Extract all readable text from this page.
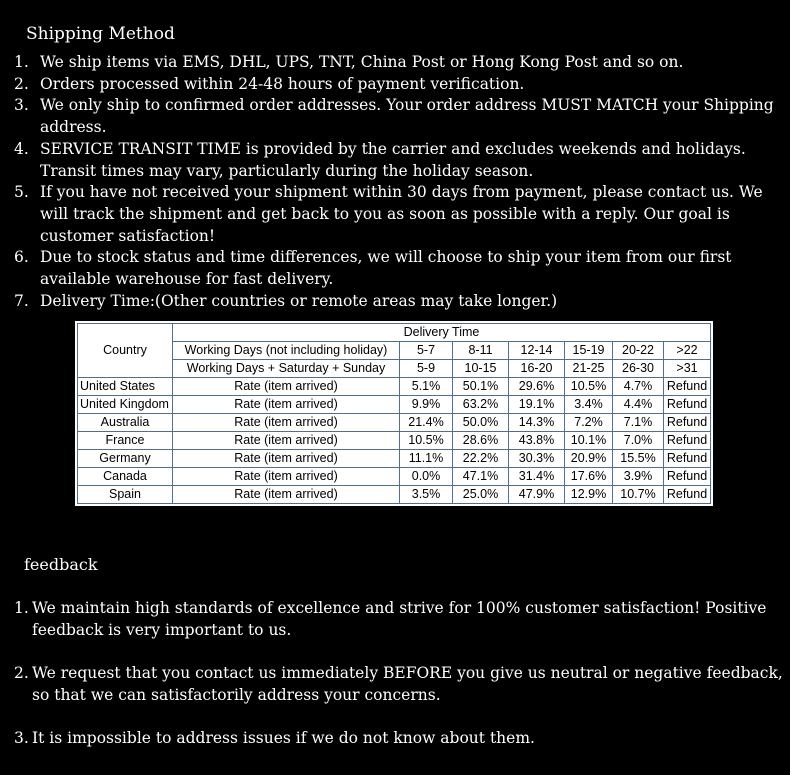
Shipping Method
1. We ship items via EMS, DHL, UPS, TNT, China Post or Hong Kong Post and so on.
2. Orders processed within 24-48 hours of payment verification.
3. We only ship to confirmed order addresses. Your order address MUST MATCH your Shipping address.
4. SERVICE TRANSIT TIME is provided by the carrier and excludes weekends and holidays. Transit times may vary, particularly during the holiday season.
5. If you have not received your shipment within 30 days from payment, please contact us. We will track the shipment and get back to you as soon as possible with a reply. Our goal is customer satisfaction!
6. Due to stock status and time differences, we will choose to ship your item from our first available warehouse for fast delivery.
7. Delivery Time:(Other countries or remote areas may take longer.)
Country	Delivery Time						
	Working Days (not including holiday)	5-7	8-11	12-14	15-19	20-22	>22
	Working Days + Saturday + Sunday	5-9	10-15	16-20	21-25	26-30	>31
United States	Rate (item arrived)	5.1%	50.1%	29.6%	10.5%	4.7%	Refund
United Kingdom	Rate (item arrived)	9.9%	63.2%	19.1%	3.4%	4.4%	Refund
Australia	Rate (item arrived)	21.4%	50.0%	14.3%	7.2%	7.1%	Refund
France	Rate (item arrived)	10.5%	28.6%	43.8%	10.1%	7.0%	Refund
Germany	Rate (item arrived)	11.1%	22.2%	30.3%	20.9%	15.5%	Refund
Canada	Rate (item arrived)	0.0%	47.1%	31.4%	17.6%	3.9%	Refund
Spain	Rate (item arrived)	3.5%	25.0%	47.9%	12.9%	10.7%	Refund
feedback
1. We maintain high standards of excellence and strive for 100% customer satisfaction! Positive feedback is very important to us.
2. We request that you contact us immediately BEFORE you give us neutral or negative feedback, so that we can satisfactorily address your concerns.
3. It is impossible to address issues if we do not know about them.
